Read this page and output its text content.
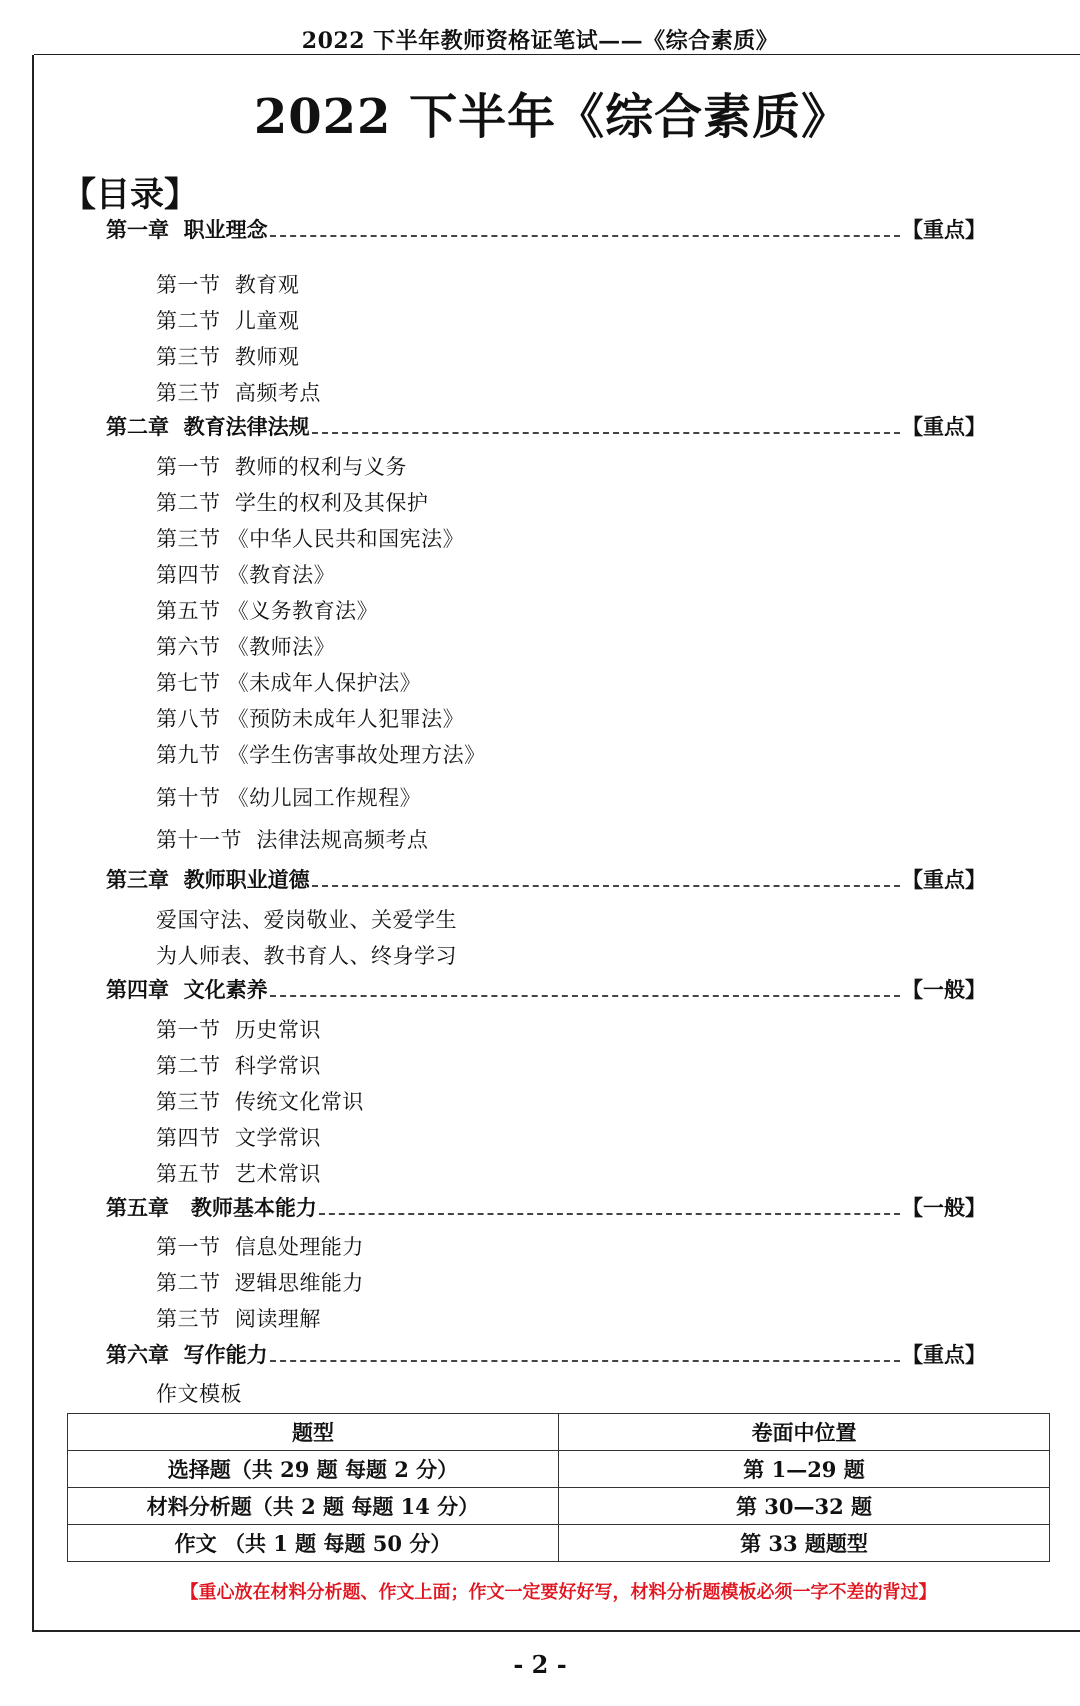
2022 下半年教师资格证笔试——《综合素质》
2022 下半年《综合素质》
【目录】
第一章  职业理念	【重点】
第一节  教育观
第二节  儿童观
第三节  教师观
第三节  高频考点
第二章  教育法律法规	【重点】
第一节  教师的权利与义务
第二节  学生的权利及其保护
第三节 《中华人民共和国宪法》
第四节 《教育法》
第五节 《义务教育法》
第六节 《教师法》
第七节 《未成年人保护法》
第八节 《预防未成年人犯罪法》
第九节 《学生伤害事故处理方法》
第十节 《幼儿园工作规程》
第十一节  法律法规高频考点
第三章  教师职业道德	【重点】
爱国守法、爱岗敬业、关爱学生
为人师表、教书育人、终身学习
第四章  文化素养	【一般】
第一节  历史常识
第二节  科学常识
第三节  传统文化常识
第四节  文学常识
第五节  艺术常识
第五章   教师基本能力	【一般】
第一节  信息处理能力
第二节  逻辑思维能力
第三节  阅读理解
第六章  写作能力	【重点】
作文模板
题型	卷面中位置
选择题（共 29 题 每题 2 分）	第 1—29 题
材料分析题（共 2 题 每题 14 分）	第 30—32 题
作文 （共 1 题 每题 50 分）	第 33 题题型
【重心放在材料分析题、作文上面；作文一定要好好写，材料分析题模板必须一字不差的背过】
- 2 -
